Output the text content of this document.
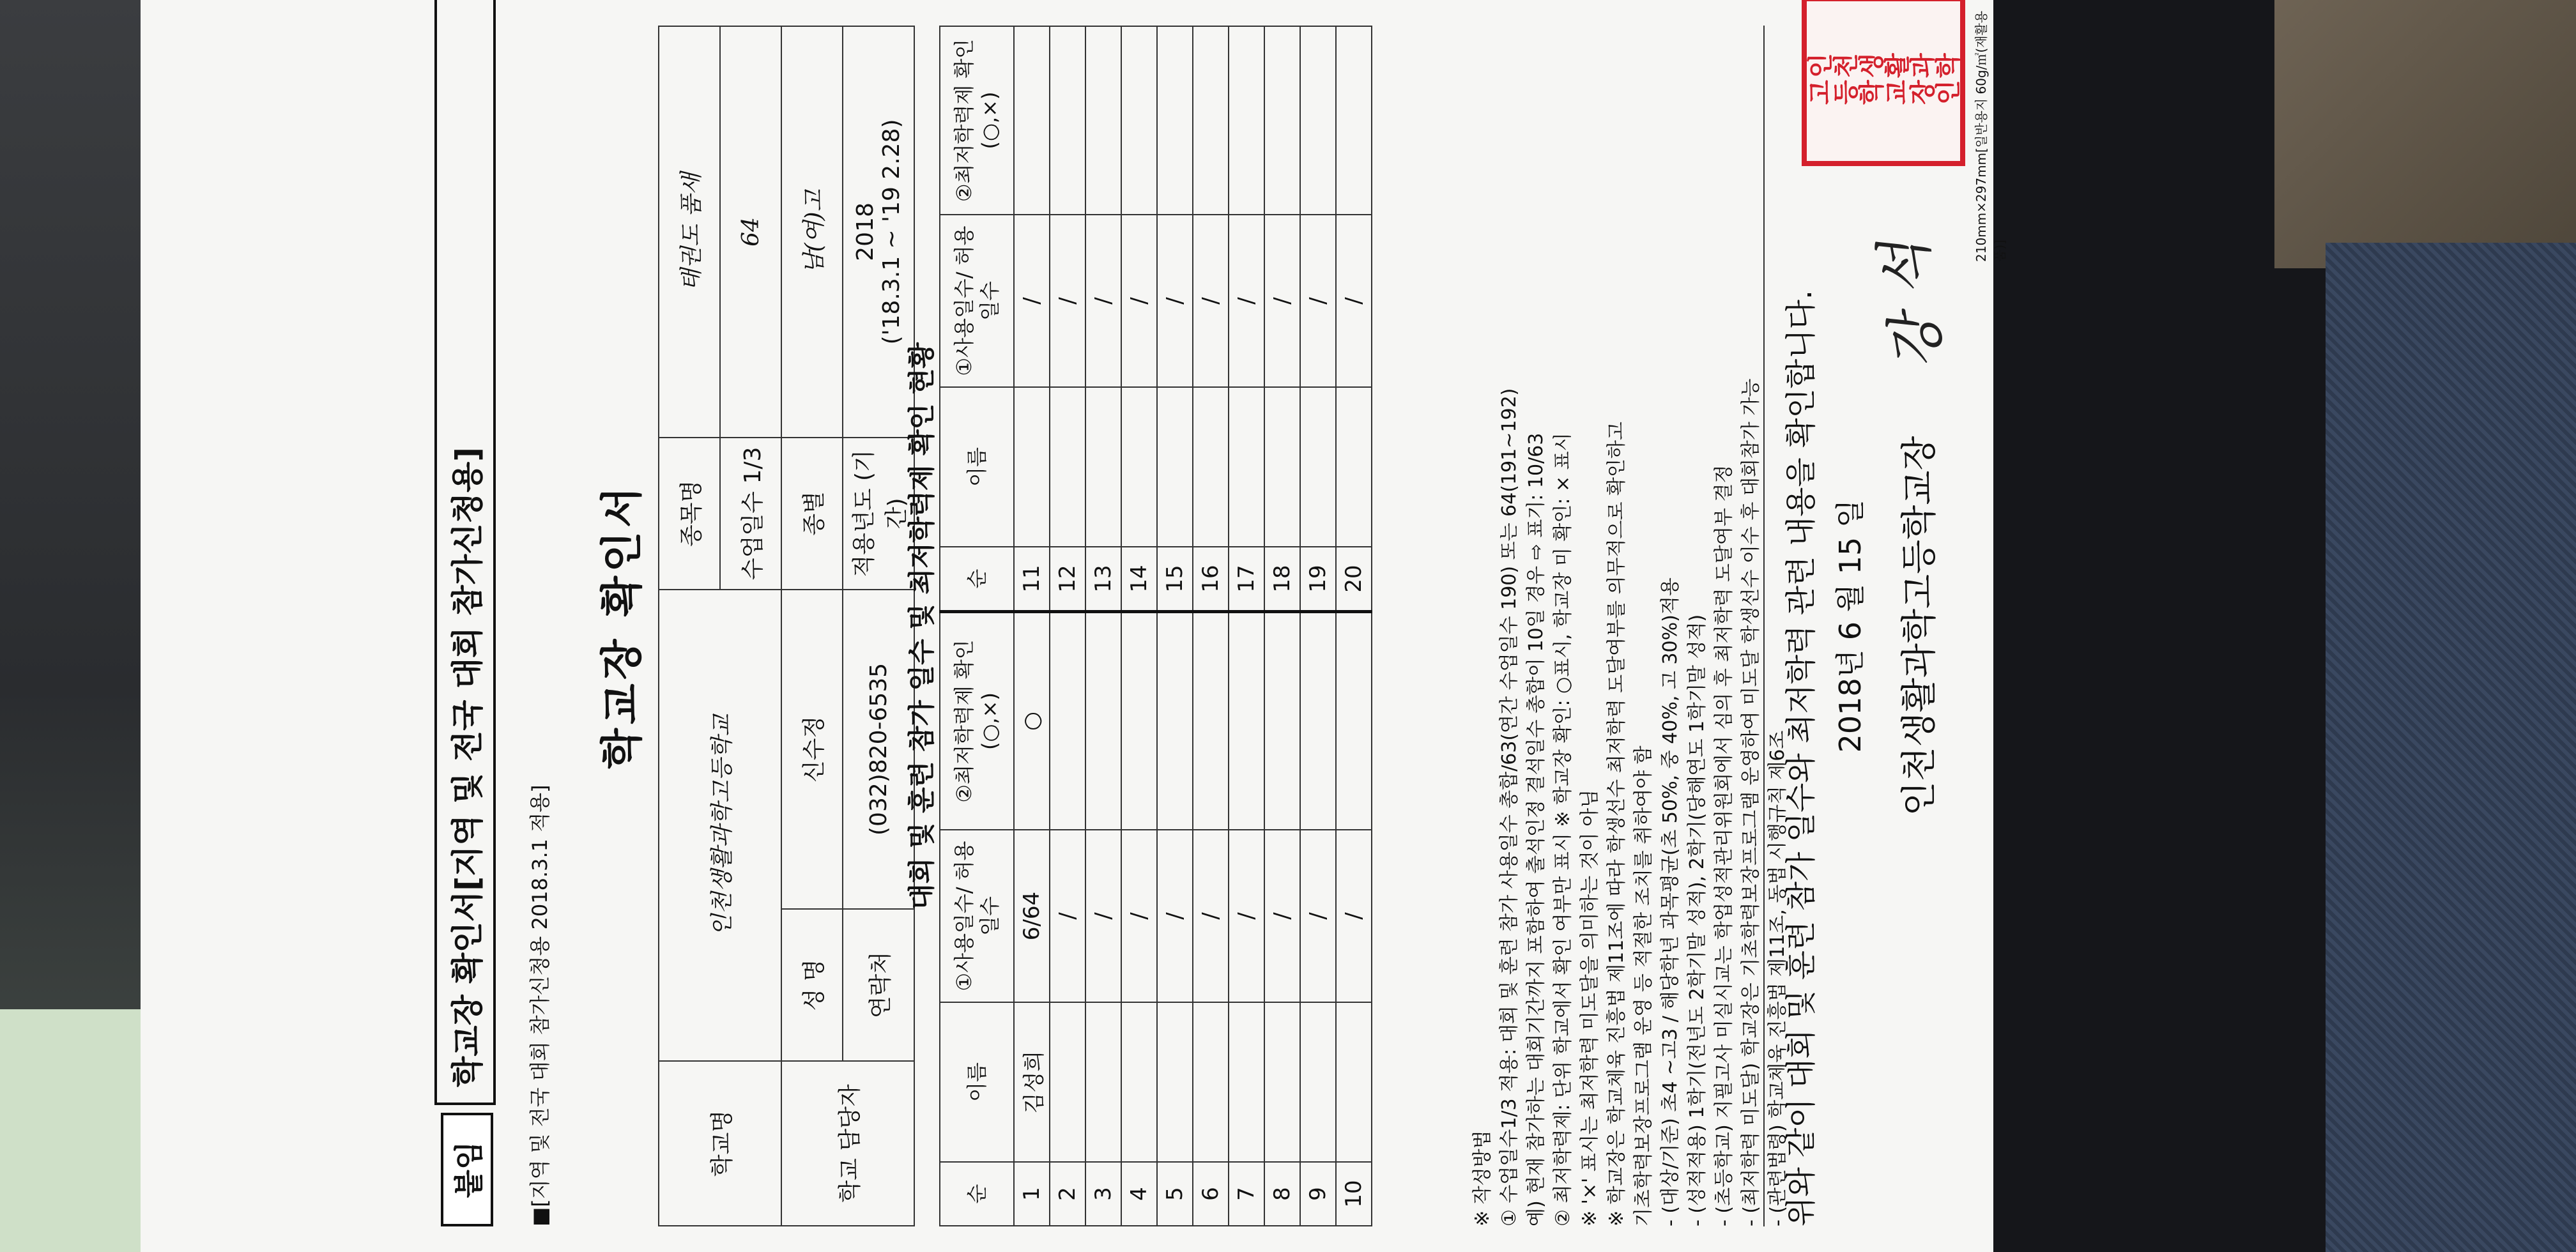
붙임
학교장 확인서[지역 및 전국 대회 참가신청용]	■[지역 및 전국 대회 참가신청용 2018.3.1 적용]
학교장 확인서
학교명	인천생활과학고등학교		종목명	태권도 품새
			수업일수 1/3	64
학교 담당자	성 명	신수정	종별	남(여)고
	연락처	(032)820-6535	적용년도 (기간)	2018 ('18.3.1 ~ '19 2.28)
대회 및 훈련 참가 일수 및 최저학력제 확인 현황
순	이름	①사용일수/ 허용일수	②최저학력제 확인(○,×)	순	이름	①사용일수/ 허용일수	②최저학력제 확인(○,×)
1	김성희	6/64	○	11		/	
2		/		12		/	
3		/		13		/	
4		/		14		/	
5		/		15		/	
6		/		16		/	
7		/		17		/	
8		/		18		/	
9		/		19		/	
10		/		20		/	
※ 작성방법 ① 수업일수1/3 적용: 대회 및 훈련 참가 사용일수 총합/63(연간 수업일수 190) 또는 64(191~192) 예) 현재 참가하는 대회기간까지 포함하여 출석인정 결석일수 총합이 10일 경우 ⇨ 표기: 10/63 ② 최저학력제: 단위 학교에서 확인 여부만 표시 ※ 학교장 확인: ○표시, 학교장 미 확인: × 표시 ※ '×' 표시는 최저학력 미도달을 의미하는 것이 아님 ※ 학교장은 학교체육 진흥법 제11조에 따라 학생선수 최저학력 도달여부를 의무적으로 확인하고 기초학력보장프로그램 운영 등 적절한 조치를 취하여야 함 - (대상/기준) 초4 ~고3 / 해당학년 과목평균(초 50%, 중 40%, 고 30%)적용 - (성적적용) 1학기(전년도 2학기말 성적), 2학기(당해연도 1학기말 성적) - (초등학교) 지필고사 미실시교는 학업성적관리위원회에서 심의 후 최저학력 도달여부 결정 - (최저학력 미도달) 학교장은 기초학력보장프로그램 운영하여 미도달 학생선수 이수 후 대회참가 가능 - (관련법령) 학교체육 진흥법 제11조, 동법 시행규칙 제6조
위와 같이 대회 및 훈련 참가 일수와 최저학력 관련 내용을 확인합니다. 2018년 6 월 15 일 인천생활과학고등학교장
강 석
인천생활과학고등학교장인 210mm×297mm[일반용지 60g/㎡(재활용품)]
